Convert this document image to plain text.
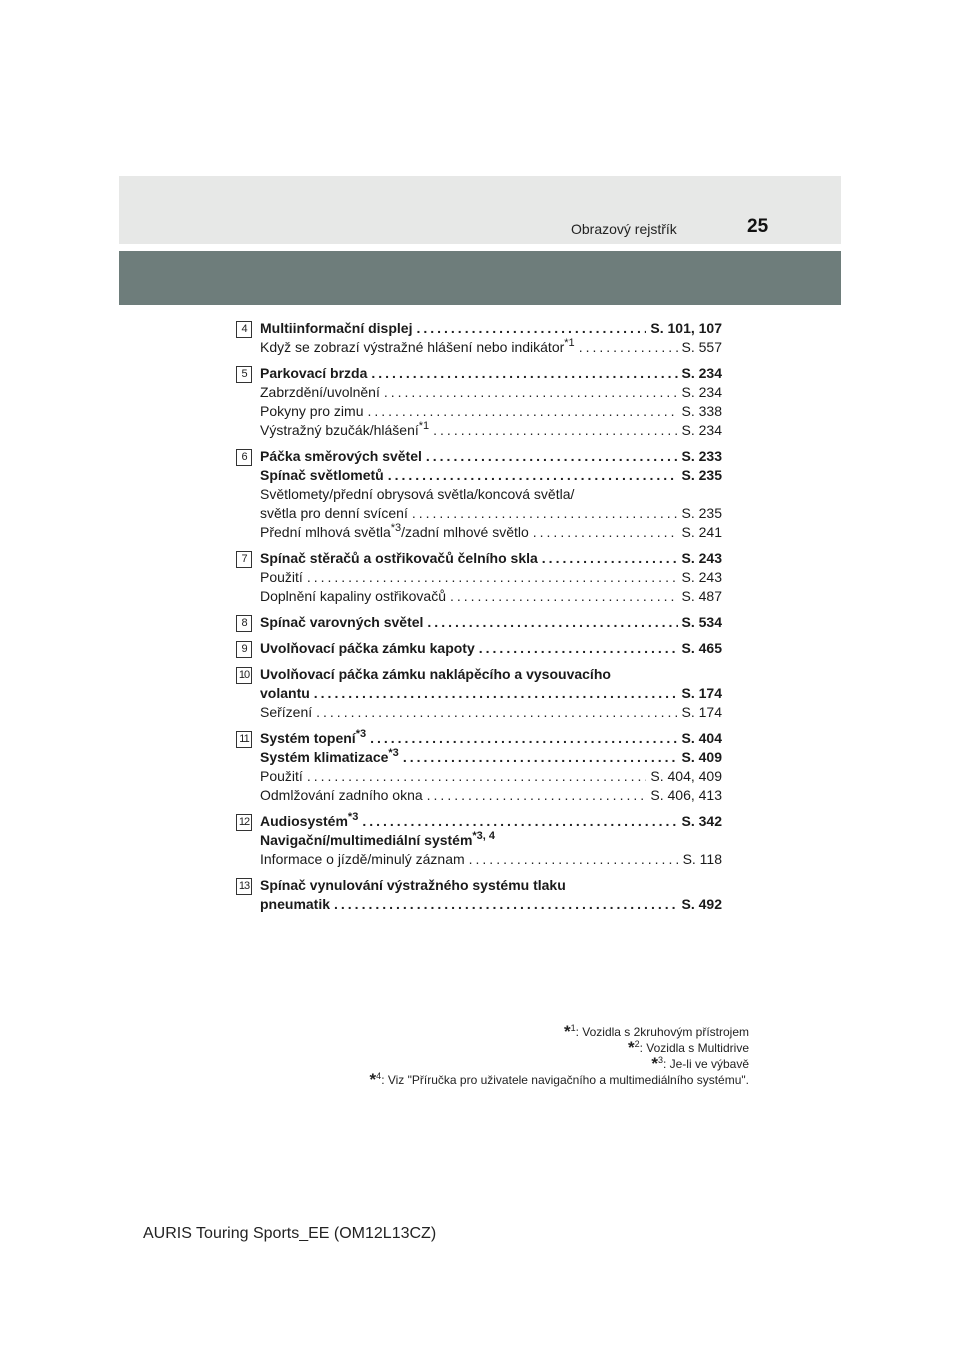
Obrazový rejstřík	25
4 Multiinformační displej .....	S. 101, 107
Když se zobrazí výstražné hlášení nebo indikátor$^{*1}$ .....	S. 557
5 Parkovací brzda .....	S. 234
Zabrzdění/uvolnění .....	S. 234
Pokyny pro zimu .....	S. 338
Výstražný bzučák/hlášení$^{*1}$ .....	S. 234
6 Páčka směrových světel .....	S. 233
Spínač světlometů .....	S. 235
Světlomety/přední obrysová světla/koncová světla/
světla pro denní svícení .....	S. 235
Přední mlhová světla$^{*3}$/zadní mlhové světlo .....	S. 241
7 Spínač stěračů a ostřikovačů čelního skla .....	S. 243
Použití .....	S. 243
Doplnění kapaliny ostřikovačů .....	S. 487
8 Spínač varovných světel .....	S. 534
9 Uvolňovací páčka zámku kapoty .....	S. 465
10 Uvolňovací páčka zámku naklápěcího a vysouvacího
volantu .....	S. 174
Seřízení .....	S. 174
11 Systém topení$^{*3}$ .....	S. 404
Systém klimatizace$^{*3}$ .....	S. 409
Použití .....	S. 404, 409
Odmlžování zadního okna .....	S. 406, 413
12 Audiosystém$^{*3}$ .....	S. 342
Navigační/multimediální systém$^{*3, 4}$
Informace o jízdě/minulý záznam .....	S. 118
13 Spínač vynulování výstražného systému tlaku
pneumatik .....	S. 492
*$^1$: Vozidla s 2kruhovým přístrojem
*$^2$: Vozidla s Multidrive
*$^3$: Je-li ve výbavě
*$^4$: Viz "Příručka pro uživatele navigačního a multimediálního systému".
AURIS Touring Sports_EE (OM12L13CZ)
